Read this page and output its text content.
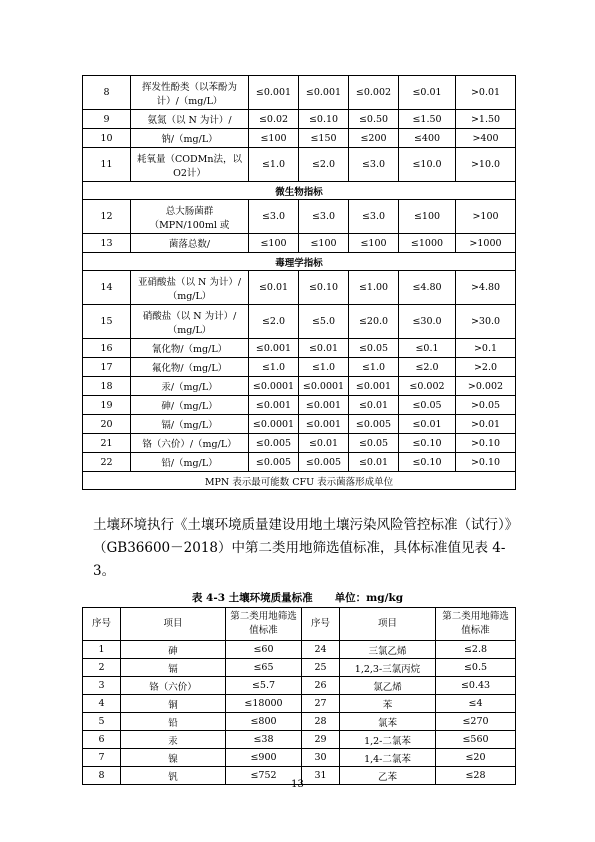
8	挥发性酚类（以苯酚为计）/（mg/L）	≤0.001	≤0.001	≤0.002	≤0.01	>0.01
9	氨氮（以 N 为计）/	≤0.02	≤0.10	≤0.50	≤1.50	>1.50
10	钠/（mg/L）	≤100	≤150	≤200	≤400	>400
11	耗氧量（CODMn法，以O2计）	≤1.0	≤2.0	≤3.0	≤10.0	>10.0
微生物指标						
12	总大肠菌群（MPN/100ml 或	≤3.0	≤3.0	≤3.0	≤100	>100
13	菌落总数/	≤100	≤100	≤100	≤1000	>1000
毒理学指标						
14	亚硝酸盐（以 N 为计）/（mg/L）	≤0.01	≤0.10	≤1.00	≤4.80	>4.80
15	硝酸盐（以 N 为计）/（mg/L）	≤2.0	≤5.0	≤20.0	≤30.0	>30.0
16	氰化物/（mg/L）	≤0.001	≤0.01	≤0.05	≤0.1	>0.1
17	氟化物/（mg/L）	≤1.0	≤1.0	≤1.0	≤2.0	>2.0
18	汞/（mg/L）	≤0.0001	≤0.0001	≤0.001	≤0.002	>0.002
19	砷/（mg/L）	≤0.001	≤0.001	≤0.01	≤0.05	>0.05
20	镉/（mg/L）	≤0.0001	≤0.001	≤0.005	≤0.01	>0.01
21	铬（六价）/（mg/L）	≤0.005	≤0.01	≤0.05	≤0.10	>0.10
22	铅/（mg/L）	≤0.005	≤0.005	≤0.01	≤0.10	>0.10
MPN 表示最可能数 CFU 表示菌落形成单位						

土壤环境执行《土壤环境质量建设用地土壤污染风险管控标准（试行）》（GB36600－2018）中第二类用地筛选值标准，具体标准值见表 4-3。

表 4-3 土壤环境质量标准 单位：mg/kg
序号	项目	第二类用地筛选值标准	序号	项目	第二类用地筛选值标准
1	砷	≤60	24	三氯乙烯	≤2.8
2	镉	≤65	25	1,2,3-三氯丙烷	≤0.5
3	铬（六价）	≤5.7	26	氯乙烯	≤0.43
4	铜	≤18000	27	苯	≤4
5	铅	≤800	28	氯苯	≤270
6	汞	≤38	29	1,2-二氯苯	≤560
7	镍	≤900	30	1,4-二氯苯	≤20
8	钒	≤752	31	乙苯	≤28
13
